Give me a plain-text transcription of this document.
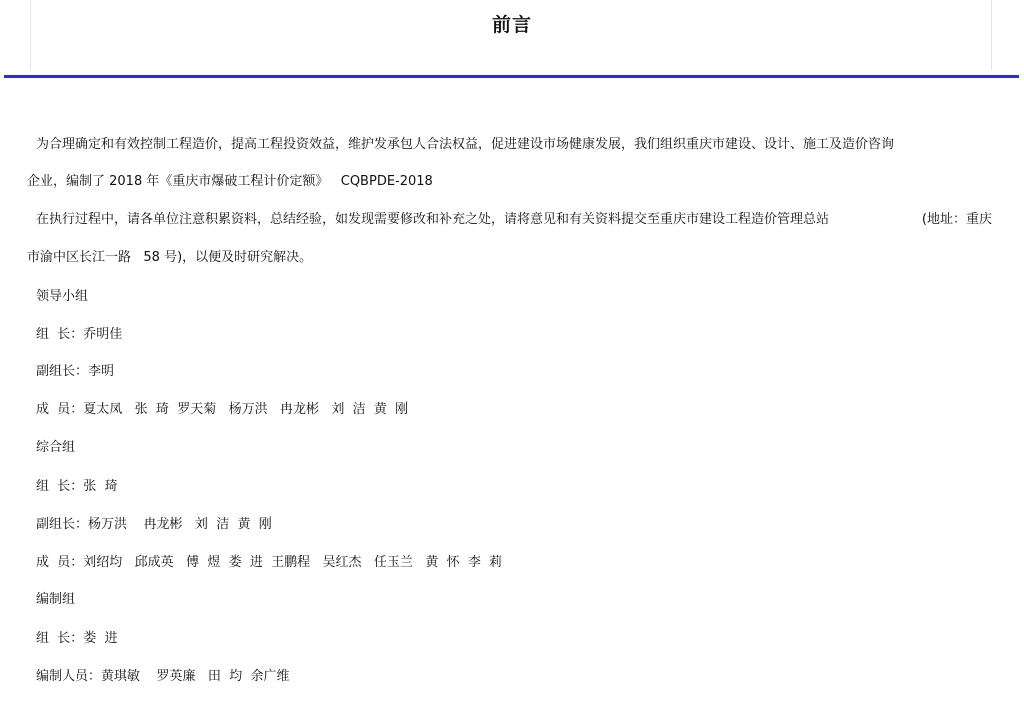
前言
为合理确定和有效控制工程造价，提高工程投资效益，维护发承包人合法权益，促进建设市场健康发展，我们组织重庆市建设、设计、施工及造价咨询
企业，编制了 2018 年《重庆市爆破工程计价定额》   CQBPDE-2018
在执行过程中，请各单位注意积累资料，总结经验，如发现需要修改和补充之处，请将意见和有关资料提交至重庆市建设工程造价管理总站	(地址：重庆
市渝中区长江一路   58 号)，以便及时研究解决。
领导小组
组  长：乔明佳
副组长：李明
成  员：夏太凤   张  琦  罗天菊   杨万洪   冉龙彬   刘  洁  黄  刚
综合组
组  长：张  琦
副组长：杨万洪    冉龙彬   刘  洁  黄  刚
成  员：刘绍均   邱成英   傅  煜  娄  进  王鹏程   吴红杰   任玉兰   黄  怀  李  莉
编制组
组  长：娄  进
编制人员：黄琪敏    罗英廉   田  均  余广维
